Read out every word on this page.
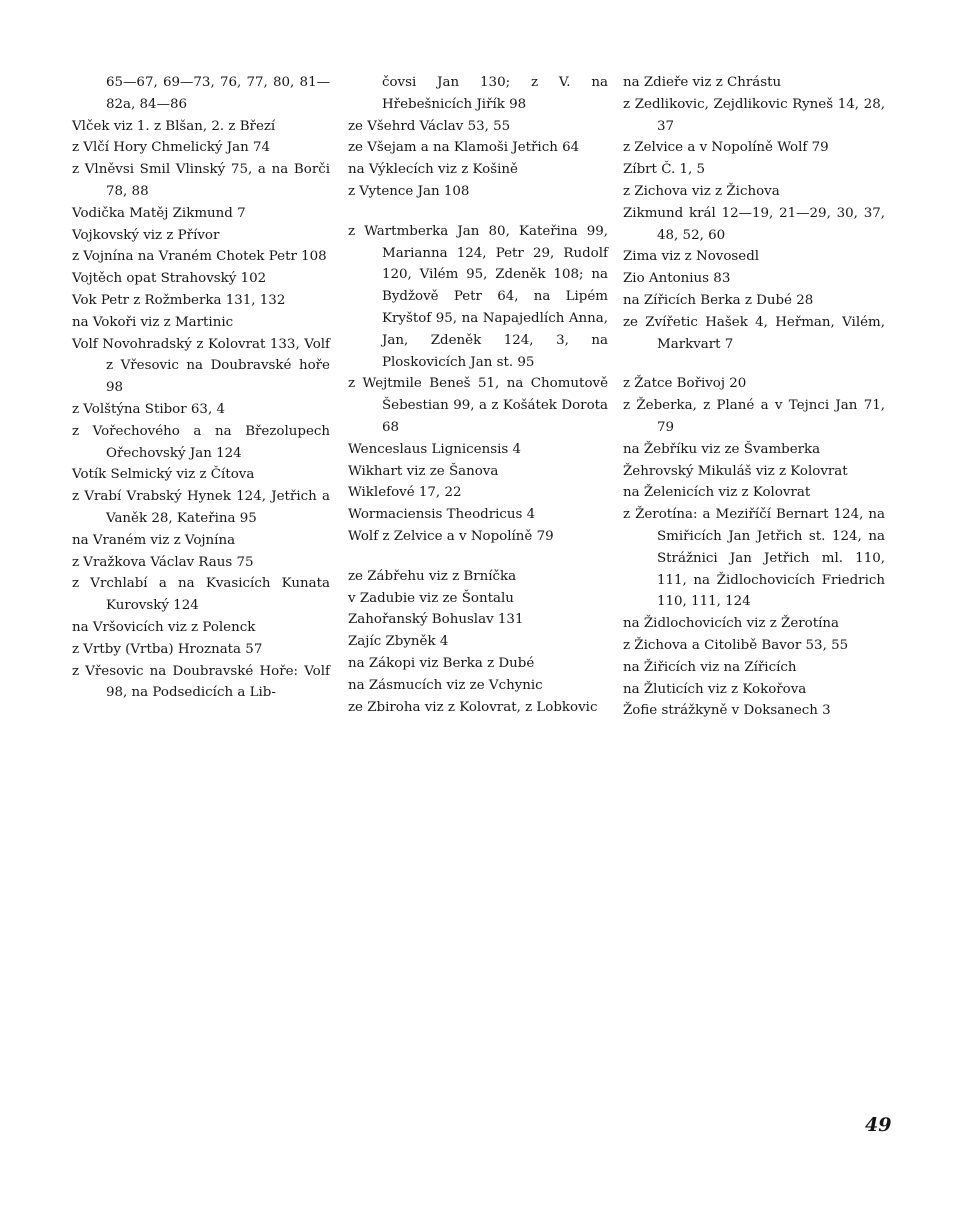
65—67, 69—73, 76, 77, 80, 81—82a, 84—86
Vlček viz 1. z Blšan, 2. z Březí
z Vlčí Hory Chmelický Jan 74
z Vlněvsi Smil Vlinský 75, a na Borči 78, 88
Vodička Matěj Zikmund 7
Vojkovský viz z Přívor
z Vojnína na Vraném Chotek Petr 108
Vojtěch opat Strahovský 102
Vok Petr z Rožmberka 131, 132
na Vokoři viz z Martinic
Volf Novohradský z Kolovrat 133, Volf z Vřesovic na Doubravské hoře 98
z Volštýna Stibor 63, 4
z Vořechového a na Březolupech Ořechovský Jan 124
Votík Selmický viz z Čítova
z Vrabí Vrabský Hynek 124, Jetřich a Vaněk 28, Kateřina 95
na Vraném viz z Vojnína
z Vražkova Václav Raus 75
z Vrchlabí a na Kvasicích Kunata Kurovský 124
na Vršovicích viz z Polenck
z Vrtby (Vrtba) Hroznata 57
z Vřesovic na Doubravské Hoře: Volf 98, na Podsedicích a Lib-
čovsi Jan 130; z V. na Hřebešnicích Jiřík 98
ze Všehrd Václav 53, 55
ze Všejam a na Klamoši Jetřich 64
na Výklecích viz z Košině
z Vytence Jan 108
z Wartmberka Jan 80, Kateřina 99, Marianna 124, Petr 29, Rudolf 120, Vilém 95, Zdeněk 108; na Bydžově Petr 64, na Lipém Kryštof 95, na Napajedlích Anna, Jan, Zdeněk 124, 3, na Ploskovicích Jan st. 95
z Wejtmile Beneš 51, na Chomutově Šebestian 99, a z Košátek Dorota 68
Wenceslaus Lignicensis 4
Wikhart viz ze Šanova
Wiklefové 17, 22
Wormaciensis Theodricus 4
Wolf z Zelvice a v Nopolíně 79
ze Zábřehu viz z Brníčka
v Zadubie viz ze Šontalu
Zahořanský Bohuslav 131
Zajíc Zbyněk 4
na Zákopi viz Berka z Dubé
na Zásmucích viz ze Vchynic
ze Zbiroha viz z Kolovrat, z Lobkovic
na Zdieře viz z Chrástu
z Zedlikovic, Zejdlikovic Ryneš 14, 28, 37
z Zelvice a v Nopolíně Wolf 79
Zíbrt Č. 1, 5
z Zichova viz z Žichova
Zikmund král 12—19, 21—29, 30, 37, 48, 52, 60
Zima viz z Novosedl
Zio Antonius 83
na Zířicích Berka z Dubé 28
ze Zvířetic Hašek 4, Heřman, Vilém, Markvart 7
z Žatce Bořivoj 20
z Žeberka, z Plané a v Tejnci Jan 71, 79
na Žebříku viz ze Švamberka
Žehrovský Mikuláš viz z Kolovrat
na Želenicích viz z Kolovrat
z Žerotína: a Meziříčí Bernart 124, na Smiřicích Jan Jetřich st. 124, na Strážnici Jan Jetřich ml. 110, 111, na Židlochovicích Friedrich 110, 111, 124
na Židlochovicích viz z Žerotína
z Žichova a Citolibě Bavor 53, 55
na Žiřicích viz na Zířicích
na Žluticích viz z Kokořova
Žofie strážkyně v Doksanech 3
49
